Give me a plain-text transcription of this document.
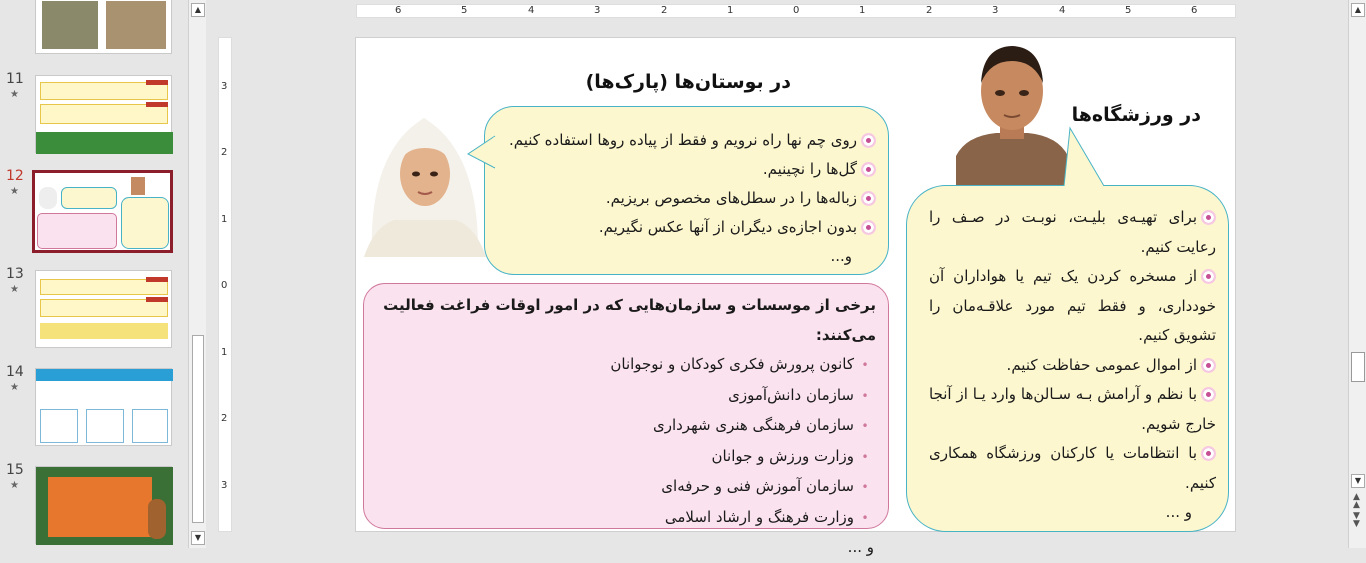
11
★
12
★
13
★
14
★
15
★
▲
▼
6	5	4	3	2	1	0	1	2	3	4	5	6
3
2
1
0
1
2
3
▲
▼
▲
▲
▼
▼
در ورزشگاه‌ها
برای تهیـه‌ی بلیـت، نوبـت در صـف را رعایت کنیم.
از مسخره کردن یک تیم یا هواداران آن خودداری، و فقط تیم مورد علاقـه‌مان را تشویق کنیم.
از اموال عمومی حفاظت کنیم.
با نظم و آرامش بـه سـالن‌ها وارد یـا از آنجا خارج شویم.
با انتظامات یا کارکنان ورزشگاه همکاری کنیم.
و ...
در بوستان‌ها (پارک‌ها)
روی چم نها راه نرویم و فقط از پیاده روها استفاده کنیم.
گل‌ها را نچینیم.
زباله‌ها را در سطل‌های مخصوص بریزیم.
بدون اجازه‌ی دیگران از آنها عکس نگیریم.
و...
برخی از موسسات و سازمان‌هایی که در امور اوقات فراغت فعالیت می‌کنند:
•کانون پرورش فکری کودکان و نوجوانان
•سازمان دانش‌آموزی
•سازمان فرهنگی هنری شهرداری
•وزارت ورزش و جوانان
•سازمان آموزش فنی و حرفه‌ای
•وزارت فرهنگ و ارشاد اسلامی
و ...
